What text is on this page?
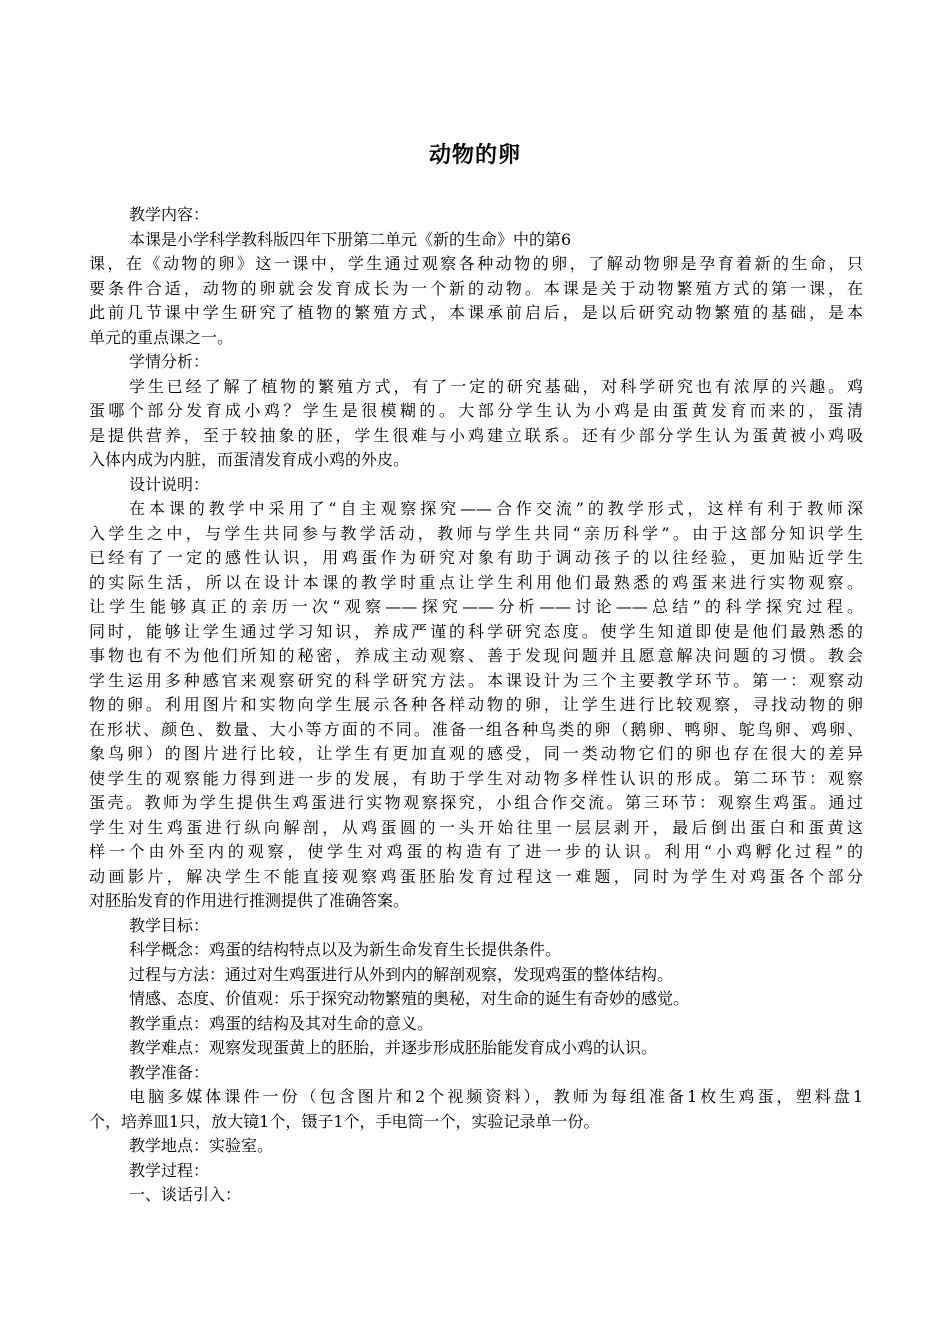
动物的卵
教学内容：
本课是小学科学教科版四年下册第二单元《新的生命》中的第6
课，在《动物的卵》这一课中，学生通过观察各种动物的卵，了解动物卵是孕育着新的生命，只
要条件合适，动物的卵就会发育成长为一个新的动物。本课是关于动物繁殖方式的第一课，在
此前几节课中学生研究了植物的繁殖方式，本课承前启后，是以后研究动物繁殖的基础，是本
单元的重点课之一。
学情分析：
学生已经了解了植物的繁殖方式，有了一定的研究基础，对科学研究也有浓厚的兴趣。鸡
蛋哪个部分发育成小鸡？学生是很模糊的。大部分学生认为小鸡是由蛋黄发育而来的，蛋清
是提供营养，至于较抽象的胚，学生很难与小鸡建立联系。还有少部分学生认为蛋黄被小鸡吸
入体内成为内脏，而蛋清发育成小鸡的外皮。
设计说明：
在本课的教学中采用了“自主观察探究——合作交流”的教学形式，这样有利于教师深
入学生之中，与学生共同参与教学活动，教师与学生共同“亲历科学”。由于这部分知识学生
已经有了一定的感性认识，用鸡蛋作为研究对象有助于调动孩子的以往经验，更加贴近学生
的实际生活，所以在设计本课的教学时重点让学生利用他们最熟悉的鸡蛋来进行实物观察。
让学生能够真正的亲历一次“观察——探究——分析——讨论——总结”的科学探究过程。
同时，能够让学生通过学习知识，养成严谨的科学研究态度。使学生知道即使是他们最熟悉的
事物也有不为他们所知的秘密，养成主动观察、善于发现问题并且愿意解决问题的习惯。教会
学生运用多种感官来观察研究的科学研究方法。本课设计为三个主要教学环节。第一：观察动
物的卵。利用图片和实物向学生展示各种各样动物的卵，让学生进行比较观察，寻找动物的卵
在形状、颜色、数量、大小等方面的不同。准备一组各种鸟类的卵（鹅卵、鸭卵、鸵鸟卵、鸡卵、
象鸟卵）的图片进行比较，让学生有更加直观的感受，同一类动物它们的卵也存在很大的差异
使学生的观察能力得到进一步的发展，有助于学生对动物多样性认识的形成。第二环节：观察
蛋壳。教师为学生提供生鸡蛋进行实物观察探究，小组合作交流。第三环节：观察生鸡蛋。通过
学生对生鸡蛋进行纵向解剖，从鸡蛋圆的一头开始往里一层层剥开，最后倒出蛋白和蛋黄这
样一个由外至内的观察，使学生对鸡蛋的构造有了进一步的认识。利用“小鸡孵化过程”的
动画影片，解决学生不能直接观察鸡蛋胚胎发育过程这一难题，同时为学生对鸡蛋各个部分
对胚胎发育的作用进行推测提供了准确答案。
教学目标：
科学概念：鸡蛋的结构特点以及为新生命发育生长提供条件。
过程与方法：通过对生鸡蛋进行从外到内的解剖观察，发现鸡蛋的整体结构。
情感、态度、价值观：乐于探究动物繁殖的奥秘，对生命的诞生有奇妙的感觉。
教学重点：鸡蛋的结构及其对生命的意义。
教学难点：观察发现蛋黄上的胚胎，并逐步形成胚胎能发育成小鸡的认识。
教学准备：
电脑多媒体课件一份（包含图片和2个视频资料），教师为每组准备1枚生鸡蛋，塑料盘1
个，培养皿1只，放大镜1个，镊子1个，手电筒一个，实验记录单一份。
教学地点：实验室。
教学过程：
一、谈话引入：
